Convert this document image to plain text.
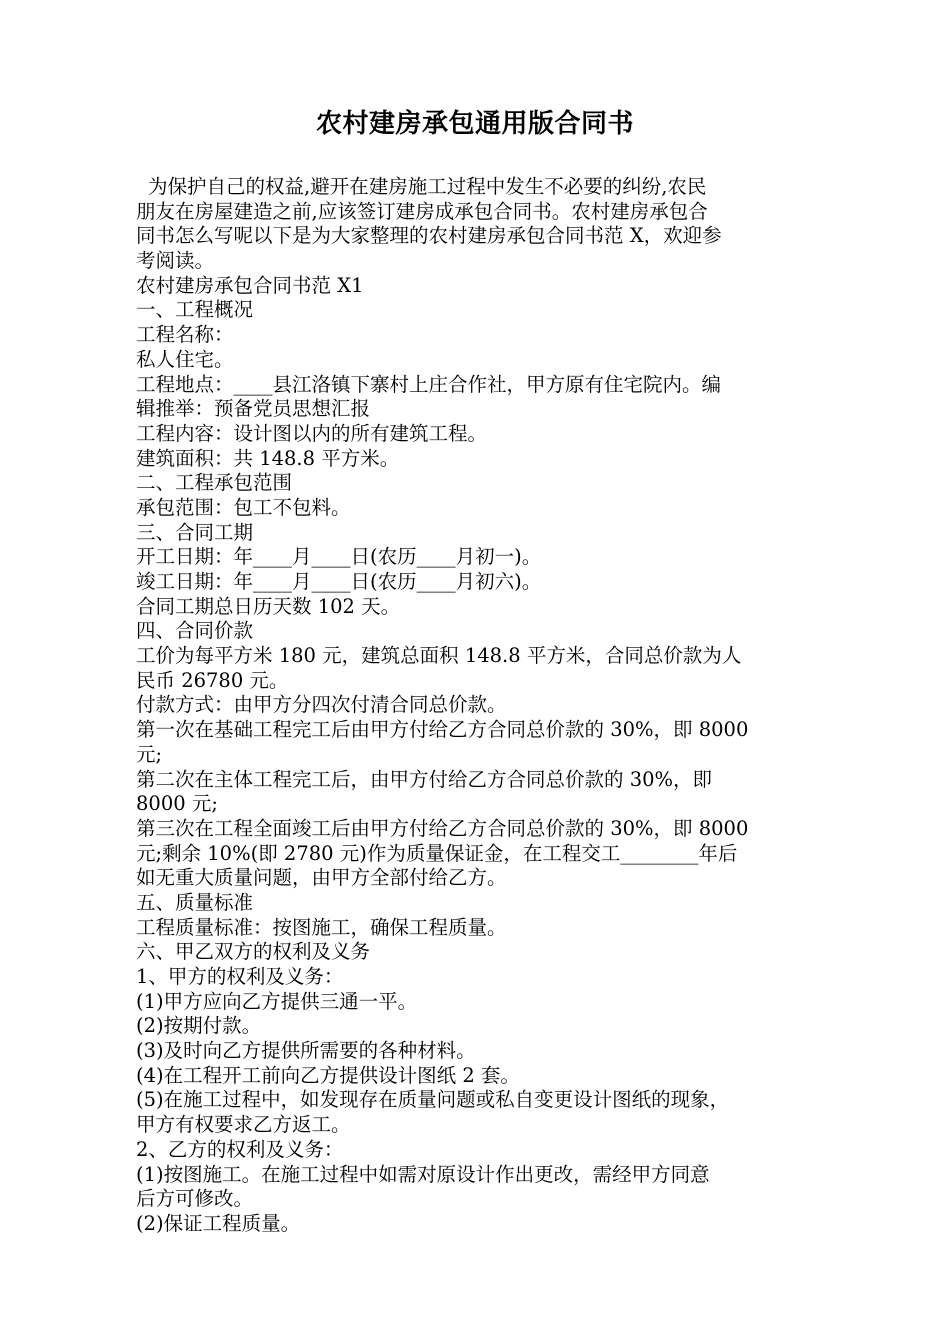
农村建房承包通用版合同书
为保护自己的权益,避开在建房施工过程中发生不必要的纠纷,农民
朋友在房屋建造之前,应该签订建房成承包合同书。农村建房承包合
同书怎么写呢以下是为大家整理的农村建房承包合同书范 X，欢迎参
考阅读。
农村建房承包合同书范 X1
一、工程概况
工程名称：
私人住宅。
工程地点：____县江洛镇下寨村上庄合作社，甲方原有住宅院内。编
辑推举：预备党员思想汇报
工程内容：设计图以内的所有建筑工程。
建筑面积：共 148.8 平方米。
二、工程承包范围
承包范围：包工不包料。
三、合同工期
开工日期：年____月____日(农历____月初一)。
竣工日期：年____月____日(农历____月初六)。
合同工期总日历天数 102 天。
四、合同价款
工价为每平方米 180 元，建筑总面积 148.8 平方米，合同总价款为人
民币 26780 元。
付款方式：由甲方分四次付清合同总价款。
第一次在基础工程完工后由甲方付给乙方合同总价款的 30%，即 8000
元;
第二次在主体工程完工后，由甲方付给乙方合同总价款的 30%，即
8000 元;
第三次在工程全面竣工后由甲方付给乙方合同总价款的 30%，即 8000
元;剩余 10%(即 2780 元)作为质量保证金，在工程交工________年后
如无重大质量问题，由甲方全部付给乙方。
五、质量标准
工程质量标准：按图施工，确保工程质量。
六、甲乙双方的权利及义务
1、甲方的权利及义务：
(1)甲方应向乙方提供三通一平。
(2)按期付款。
(3)及时向乙方提供所需要的各种材料。
(4)在工程开工前向乙方提供设计图纸 2 套。
(5)在施工过程中，如发现存在质量问题或私自变更设计图纸的现象，
甲方有权要求乙方返工。
2、乙方的权利及义务：
(1)按图施工。在施工过程中如需对原设计作出更改，需经甲方同意
后方可修改。
(2)保证工程质量。
